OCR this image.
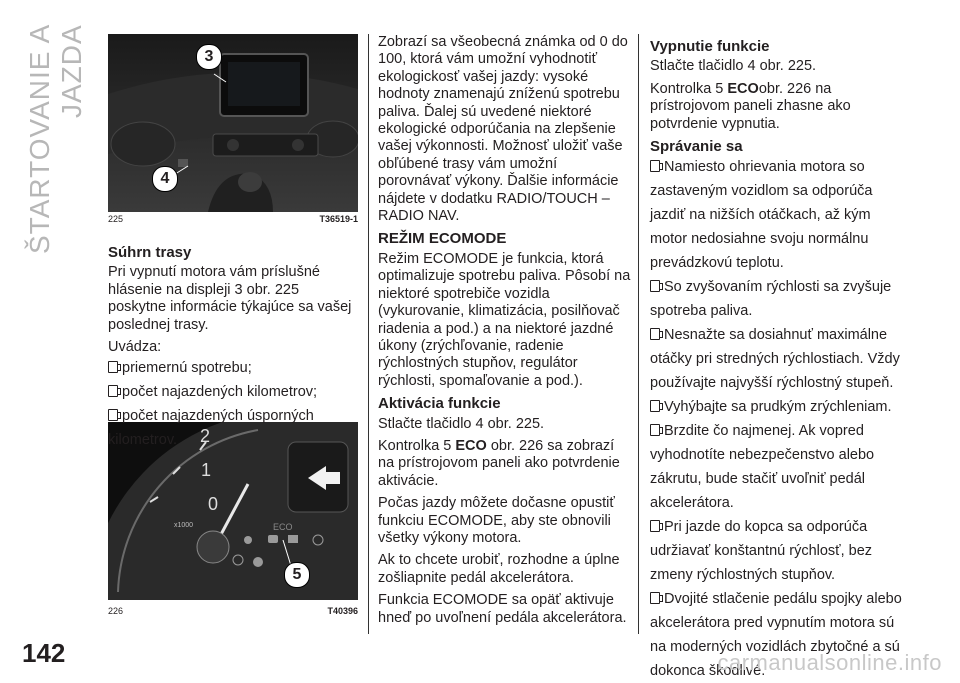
ŠTARTOVANIE A JAZDA	3
4
225	T36519-1
2
1
0
x1000	ECO
5
226	T40396
Súhrn trasy

Pri vypnutí motora vám príslušné hlásenie na displeji 3 obr. 225 poskytne informácie týkajúce sa vašej poslednej trasy.

Uvádza:

priemernú spotrebu;
počet najazdených kilometrov;
počet najazdených úsporných kilometrov.

Zobrazí sa všeobecná známka od 0 do 100, ktorá vám umožní vyhodnotiť ekologickosť vašej jazdy: vysoké hodnoty znamenajú zníženú spotrebu paliva. Ďalej sú uvedené niektoré ekologické odporúčania na zlepšenie vašej výkonnosti. Možnosť uložiť vaše obľúbené trasy vám umožní porovnávať výkony. Ďalšie informácie nájdete v dodatku RADIO/TOUCH – RADIO NAV.

REŽIM ECOMODE

Režim ECOMODE je funkcia, ktorá optimalizuje spotrebu paliva. Pôsobí na niektoré spotrebiče vozidla (vykurovanie, klimatizácia, posilňovač riadenia a pod.) a na niektoré jazdné úkony (zrýchľovanie, radenie rýchlostných stupňov, regulátor rýchlosti, spomaľovanie a pod.).

Aktivácia funkcie

Stlačte tlačidlo 4 obr. 225.

Kontrolka 5 ECO obr. 226 sa zobrazí na prístrojovom paneli ako potvrdenie aktivácie.

Počas jazdy môžete dočasne opustiť funkciu ECOMODE, aby ste obnovili všetky výkony motora.

Ak to chcete urobiť, rozhodne a úplne zošliapnite pedál akcelerátora.

Funkcia ECOMODE sa opäť aktivuje hneď po uvoľnení pedála akcelerátora.

Vypnutie funkcie

Stlačte tlačidlo 4 obr. 225.

Kontrolka 5 ECOobr. 226 na prístrojovom paneli zhasne ako potvrdenie vypnutia.

Správanie sa
Namiesto ohrievania motora so zastaveným vozidlom sa odporúča jazdiť na nižších otáčkach, až kým motor nedosiahne svoju normálnu prevádzkovú teplotu.
So zvyšovaním rýchlosti sa zvyšuje spotreba paliva.
Nesnažte sa dosiahnuť maximálne otáčky pri stredných rýchlostiach. Vždy používajte najvyšší rýchlostný stupeň.
Vyhýbajte sa prudkým zrýchleniam.
Brzdite čo najmenej. Ak vopred vyhodnotíte nebezpečenstvo alebo zákrutu, bude stačiť uvoľniť pedál akcelerátora.
Pri jazde do kopca sa odporúča udržiavať konštantnú rýchlosť, bez zmeny rýchlostných stupňov.
Dvojité stlačenie pedálu spojky alebo akcelerátora pred vypnutím motora sú na moderných vozidlách zbytočné a sú dokonca škodlivé.
142	carmanualsonline.info
